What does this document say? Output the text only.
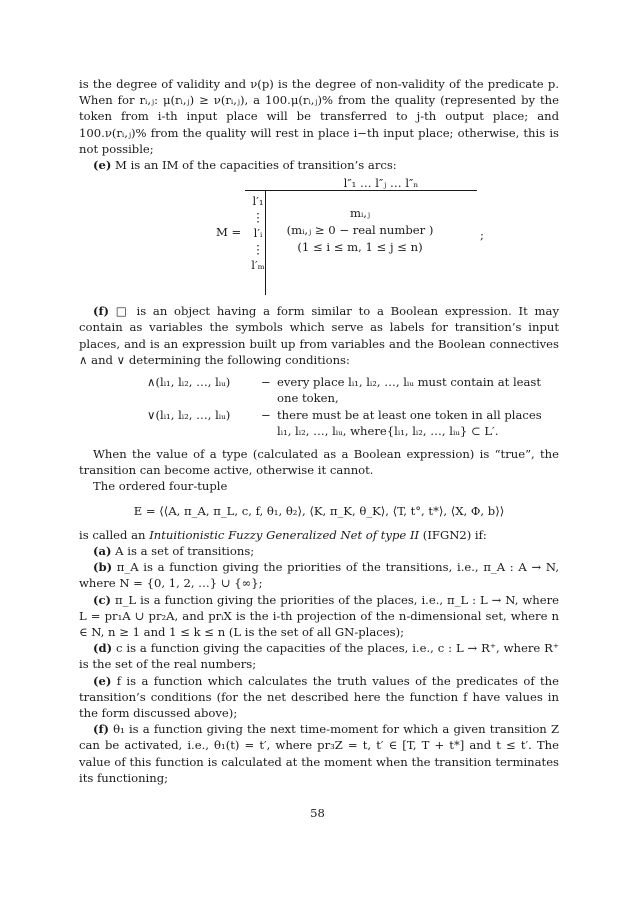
is the degree of validity and ν(p) is the degree of non-validity of the predicate p. When for rᵢ,ⱼ: μ(rᵢ,ⱼ) ≥ ν(rᵢ,ⱼ), a 100.μ(rᵢ,ⱼ)% from the quality (represented by the token from i-th input place will be transferred to j-th output place; and 100.ν(rᵢ,ⱼ)% from the quality will rest in place i−th input place; otherwise, this is not possible;

(e) M is an IM of the capacities of transition’s arcs:

M =
l″₁ … l″ⱼ … l″ₙ
l′₁
⋮
l′ᵢ
⋮
l′ₘ
mᵢ,ⱼ
(mᵢ,ⱼ ≥ 0 − real number )
(1 ≤ i ≤ m, 1 ≤ j ≤ n)
;

(f) □ is an object having a form similar to a Boolean expression. It may contain as variables the symbols which serve as labels for transition’s input places, and is an expression built up from variables and the Boolean connectives ∧ and ∨ determining the following conditions:

∧(lᵢ₁, lᵢ₂, …, lᵢᵤ)	− every place lᵢ₁, lᵢ₂, …, lᵢᵤ must contain at least
one token,
∨(lᵢ₁, lᵢ₂, …, lᵢᵤ)	− there must be at least one token in all places
lᵢ₁, lᵢ₂, …, lᵢᵤ, where{lᵢ₁, lᵢ₂, …, lᵢᵤ} ⊂ L′.

When the value of a type (calculated as a Boolean expression) is “true”, the transition can become active, otherwise it cannot.

The ordered four-tuple

E = ⟨⟨A, π_A, π_L, c, f, θ₁, θ₂⟩, ⟨K, π_K, θ_K⟩, ⟨T, t°, t*⟩, ⟨X, Φ, b⟩⟩

is called an Intuitionistic Fuzzy Generalized Net of type II (IFGN2) if:

(a) A is a set of transitions;

(b) π_A is a function giving the priorities of the transitions, i.e., π_A : A → N, where N = {0, 1, 2, …} ∪ {∞};

(c) π_L is a function giving the priorities of the places, i.e., π_L : L → N, where L = pr₁A ∪ pr₂A, and prᵢX is the i-th projection of the n-dimensional set, where n ∈ N, n ≥ 1 and 1 ≤ k ≤ n (L is the set of all GN-places);

(d) c is a function giving the capacities of the places, i.e., c : L → R⁺, where R⁺ is the set of the real numbers;

(e) f is a function which calculates the truth values of the predicates of the transition’s conditions (for the net described here the function f have values in the form discussed above);

(f) θ₁ is a function giving the next time-moment for which a given transition Z can be activated, i.e., θ₁(t) = t′, where pr₃Z = t, t′ ∈ [T, T + t*] and t ≤ t′. The value of this function is calculated at the moment when the transition terminates its functioning;

58
